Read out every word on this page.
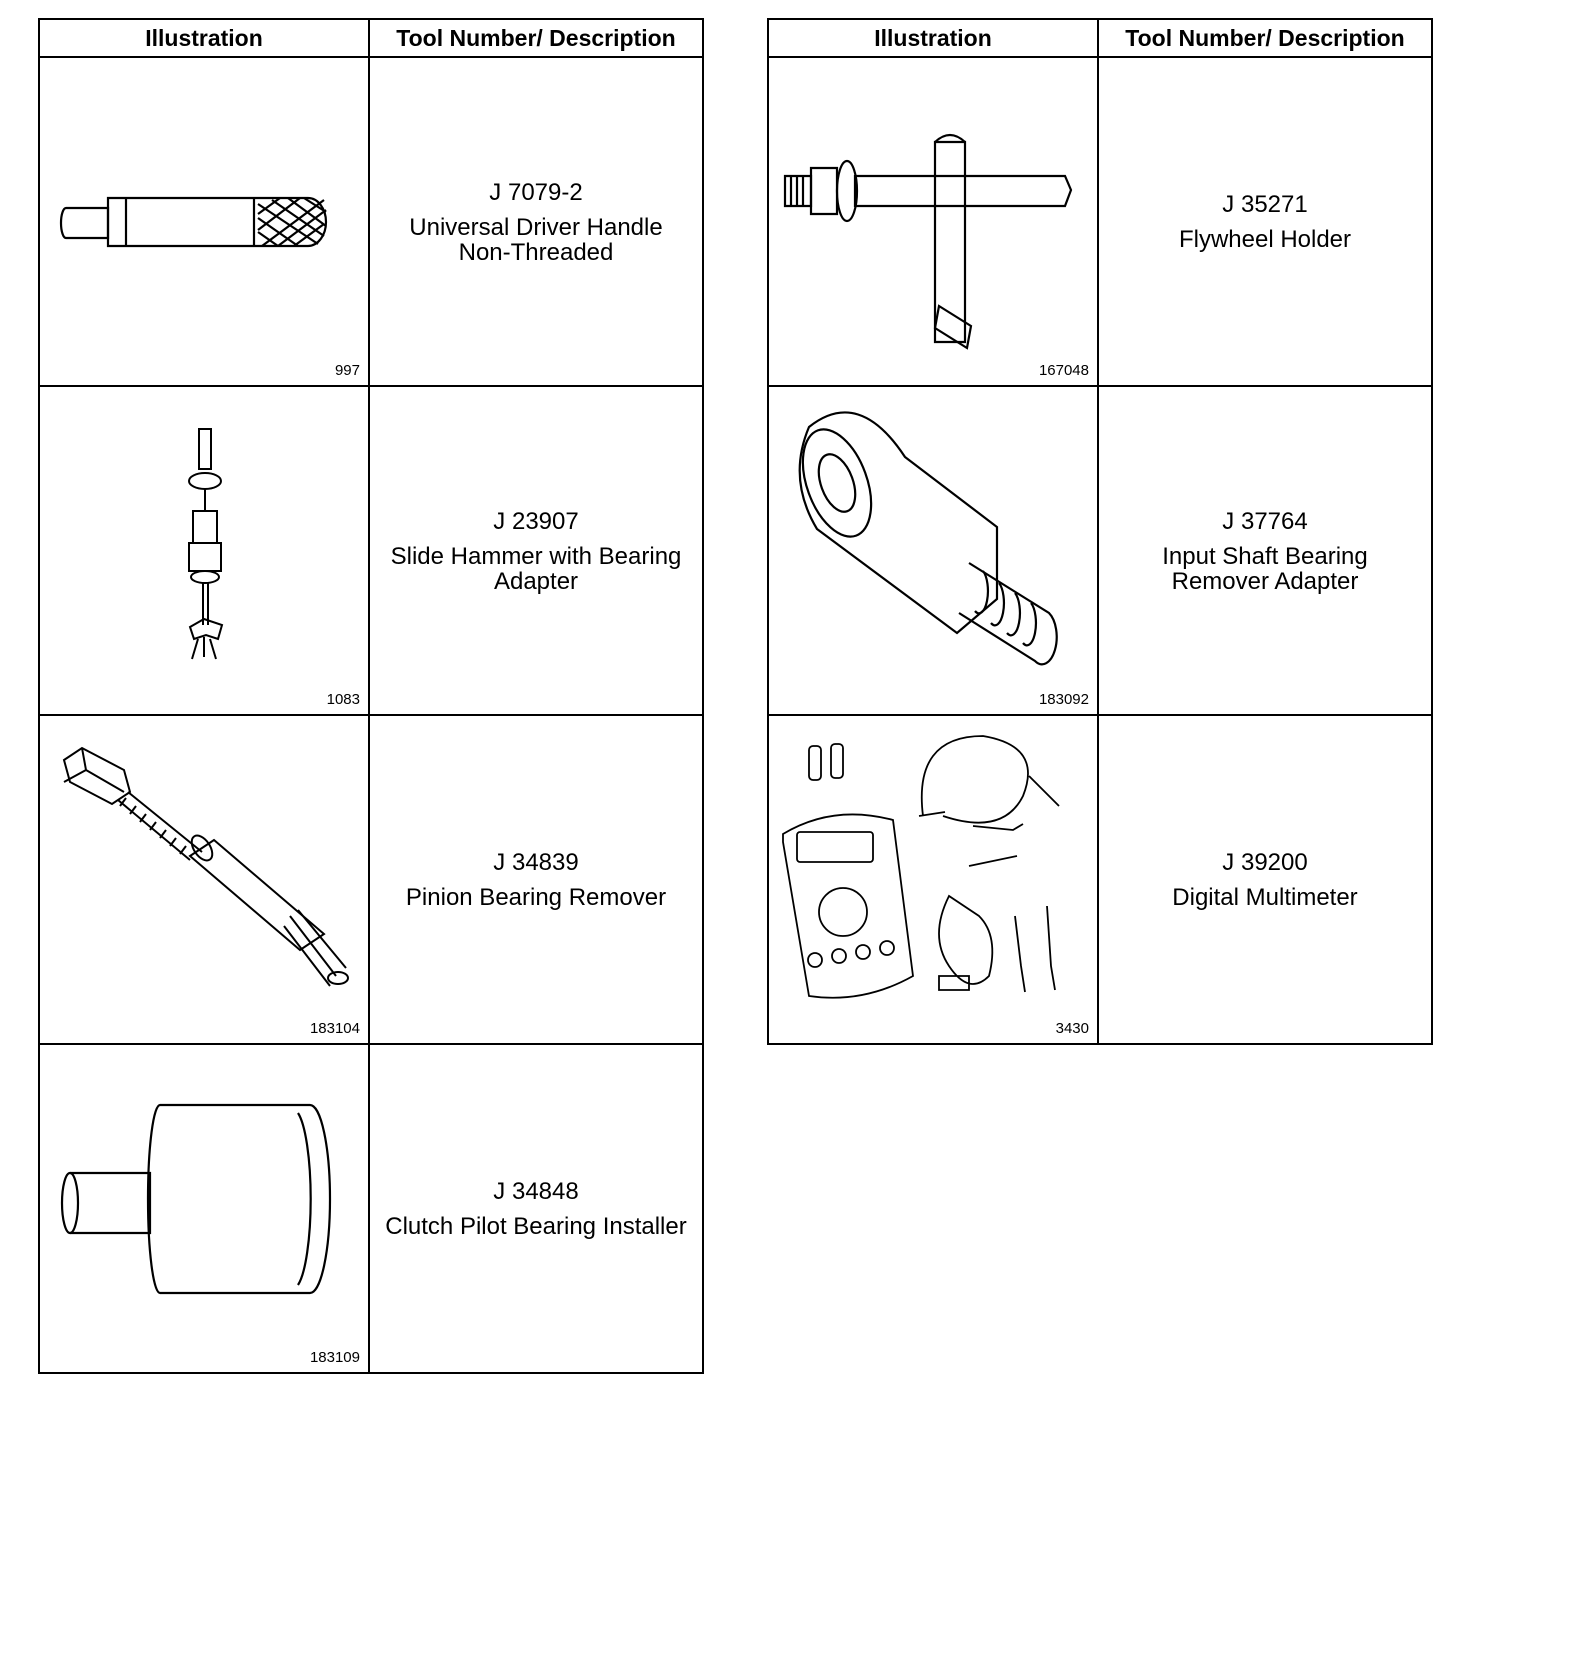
Illustration	Tool Number/ Description

997	J 7079-2
Universal Driver Handle
Non-Threaded

1083	J 23907
Slide Hammer with Bearing
Adapter

183104	J 34839
Pinion Bearing Remover

183109	J 34848
Clutch Pilot Bearing Installer
Illustration	Tool Number/ Description

167048	J 35271
Flywheel Holder

183092	J 37764
Input Shaft Bearing
Remover Adapter

3430	J 39200
Digital Multimeter
